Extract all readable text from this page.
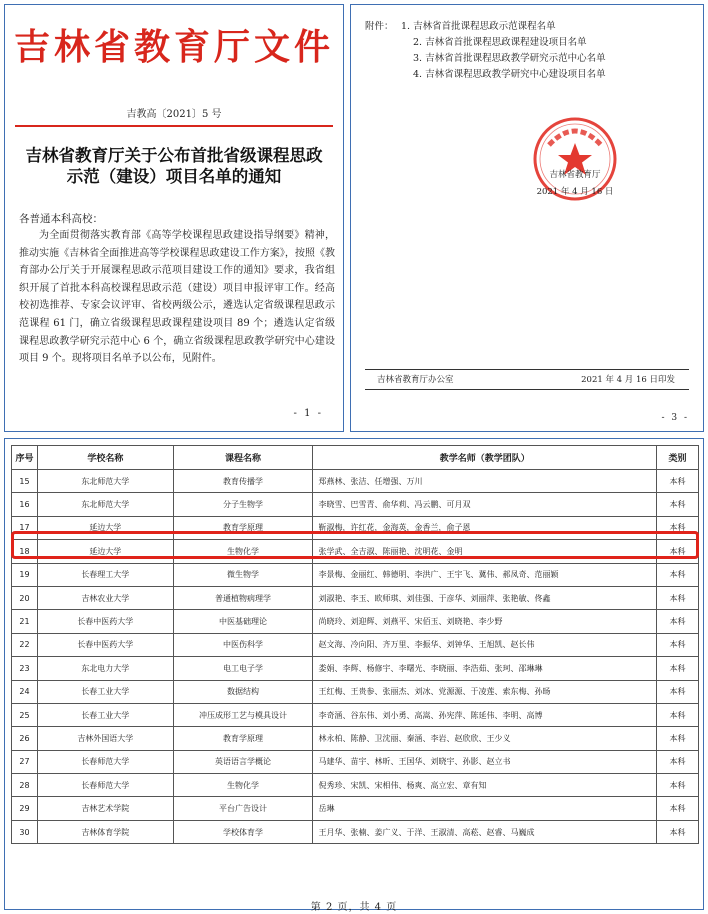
吉林省教育厅文件
吉教高〔2021〕5 号
吉林省教育厅关于公布首批省级课程思政
示范（建设）项目名单的通知
各普通本科高校：
为全面贯彻落实教育部《高等学校课程思政建设指导纲要》精神，推动实施《吉林省全面推进高等学校课程思政建设工作方案》，按照《教育部办公厅关于开展课程思政示范项目建设工作的通知》要求，我省组织开展了首批本科高校课程思政示范（建设）项目申报评审工作。经高校初选推荐、专家会议评审、省校两级公示，遴选认定省级课程思政示范课程 61 门，确立省级课程思政课程建设项目 89 个；遴选认定省级课程思政教学研究示范中心 6 个，确立省级课程思政教学研究中心建设项目 9 个。现将项目名单予以公布，见附件。
- 1 -
附件： 1. 吉林省首批课程思政示范课程名单
2. 吉林省首批课程思政课程建设项目名单
3. 吉林省首批课程思政教学研究示范中心名单
4. 吉林省课程思政教学研究中心建设项目名单
吉林省教育厅
2021 年 4 月 16 日
吉林省教育厅办公室	2021 年 4 月 16 日印发
- 3 -
序号	学校名称	课程名称	教学名师（教学团队）	类别
15	东北师范大学	教育传播学	郑燕林、张洁、任增强、万川	本科
16	东北师范大学	分子生物学	李晓雪、巴雪青、俞华莉、冯云鹏、可月双	本科
17	延边大学	教育学原理	靳淑梅，许红花，金海英，金香兰，俞子恩	本科
18	延边大学	生物化学	张学武、全吉淑、陈丽艳、沈明花、金明	本科
19	长春理工大学	微生物学	李景梅、金丽红、韩德明、李洪广、王宇飞、冀伟、郝凤奇、范丽颖	本科
20	吉林农业大学	普通植物病理学	刘淑艳、李玉、欧师琪、刘佳强、于彦华、刘丽萍、张艳敏、佟鑫	本科
21	长春中医药大学	中医基础理论	尚晓玲、刘迎辉、刘燕平、宋佰玉、刘晓艳、李少野	本科
22	长春中医药大学	中医伤科学	赵文海、冷向阳、齐万里、李振华、刘钟华、王旭凯、赵长伟	本科
23	东北电力大学	电工电子学	娄娟、李辉、杨修宇、李曙光、李晓丽、李浩茹、张珂、邵琳琳	本科
24	长春工业大学	数据结构	王红梅、王贵参、张丽杰、刘冰、党源源、于凌莲、索东梅、孙旸	本科
25	长春工业大学	冲压成形工艺与模具设计	李奇涵、谷东伟、刘小勇、高嵩、孙宪萍、陈延伟、李明、高博	本科
26	吉林外国语大学	教育学原理	林永柏、陈静、卫沈丽、秦涵、李岩、赵欣欣、王少义	本科
27	长春师范大学	英语语言学概论	马建华、苗宇、林昕、王国华、刘晓宇、孙影、赵立书	本科
28	长春师范大学	生物化学	倪秀珍、宋凯、宋相伟、杨爽、高立宏、章有知	本科
29	吉林艺术学院	平台广告设计	岳琳	本科
30	吉林体育学院	学校体育学	王月华、张楠、姜广义、于洋、王淑清、高菘、赵睿、马巍成	本科
第 2 页，共 4 页
